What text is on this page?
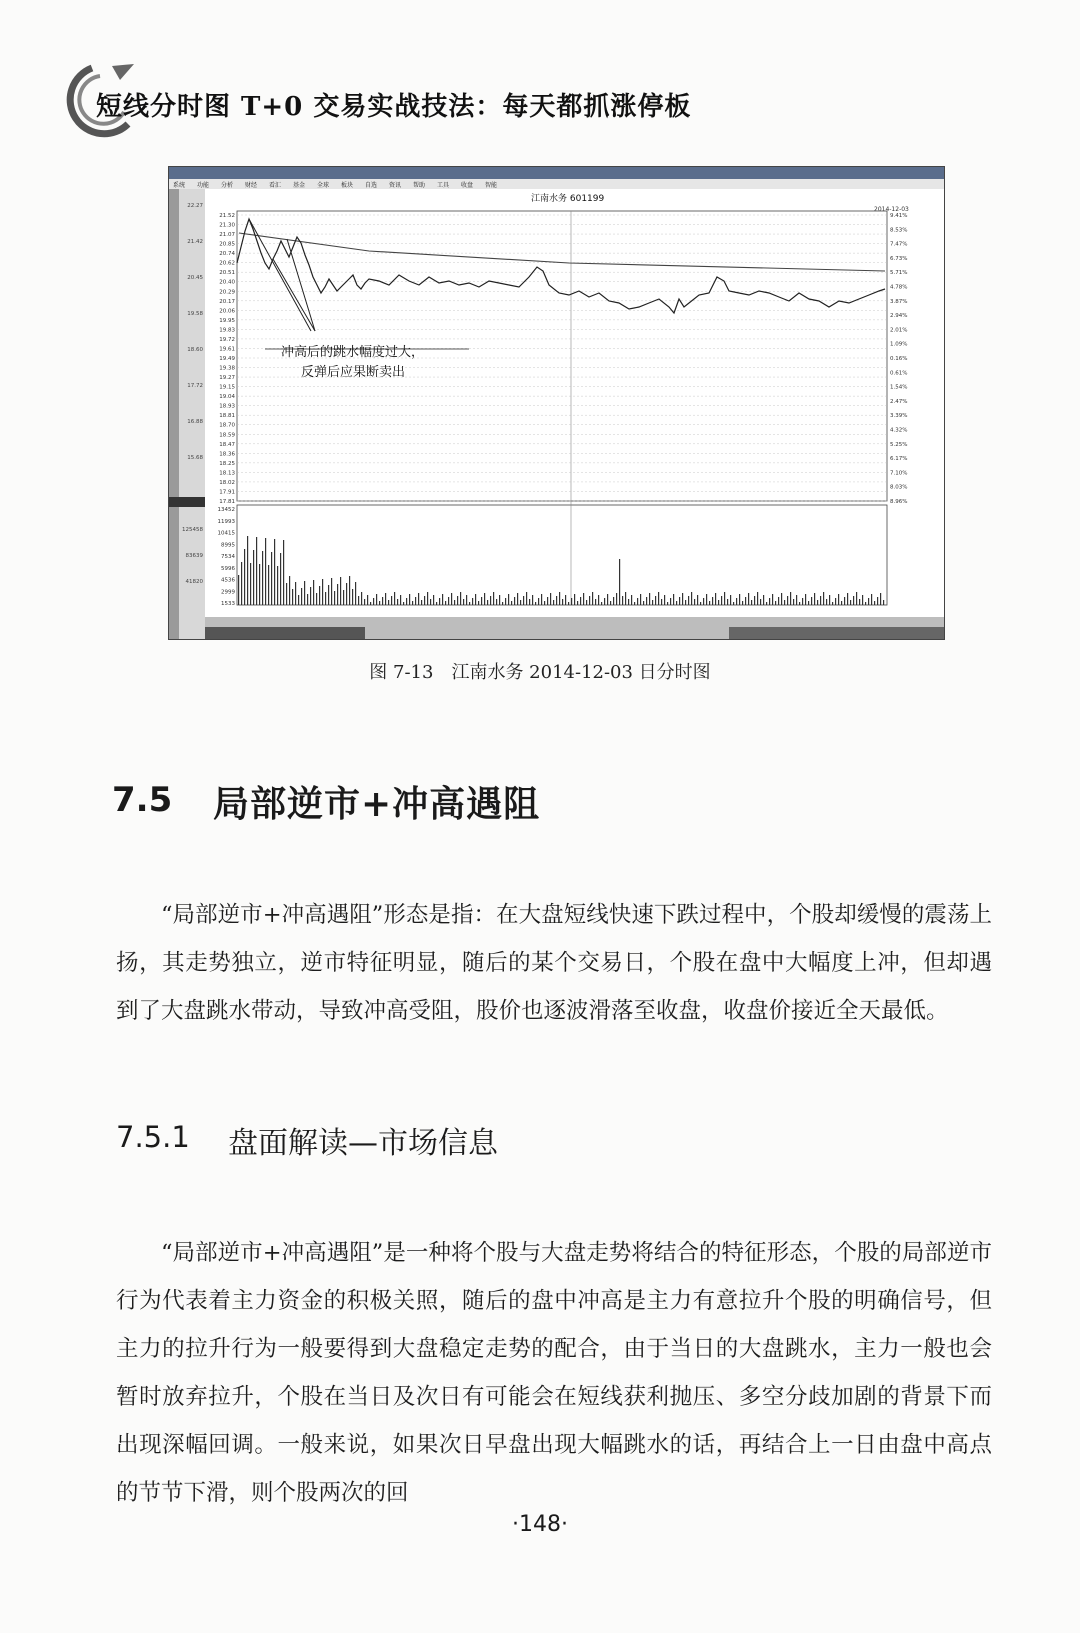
短线分时图 T+0 交易实战技法：每天都抓涨停板
系统 功能 分析 财经 看汇 基金 全球 板块 自选 资讯 帮助 工具 收盘 智能
22.27
21.42
20.45
19.58
18.60
17.72
16.88
15.68
125458
83639
41820
江南水务 601199
2014-12-03
21.52
21.30
21.07
20.85
20.74
20.62
20.51
20.40
20.29
20.17
20.06
19.95
19.83
19.72
19.61
19.49
19.38
19.27
19.15
19.04
18.93
18.81
18.70
18.59
18.47
18.36
18.25
18.13
18.02
17.91
17.81
9.41%
8.53%
7.47%
6.73%
5.71%
4.78%
3.87%
2.94%
2.01%
1.09%
0.16%
0.61%
1.54%
2.47%
3.39%
4.32%
5.25%
6.17%
7.10%
8.03%
8.96%
13452
11993
10415
8995
7534
5996
4536
2999
1533
冲高后的跳水幅度过大，
反弹后应果断卖出
图 7-13　江南水务 2014-12-03 日分时图
7.5 局部逆市+冲高遇阻

“局部逆市+冲高遇阻”形态是指：在大盘短线快速下跌过程中，个股却缓慢的震荡上扬，其走势独立，逆市特征明显，随后的某个交易日，个股在盘中大幅度上冲，但却遇到了大盘跳水带动，导致冲高受阻，股价也逐波滑落至收盘，收盘价接近全天最低。

7.5.1 盘面解读—市场信息

“局部逆市+冲高遇阻”是一种将个股与大盘走势将结合的特征形态，个股的局部逆市行为代表着主力资金的积极关照，随后的盘中冲高是主力有意拉升个股的明确信号，但主力的拉升行为一般要得到大盘稳定走势的配合，由于当日的大盘跳水，主力一般也会暂时放弃拉升，个股在当日及次日有可能会在短线获利抛压、多空分歧加剧的背景下而出现深幅回调。一般来说，如果次日早盘出现大幅跳水的话，再结合上一日由盘中高点的节节下滑，则个股两次的回

·148·
